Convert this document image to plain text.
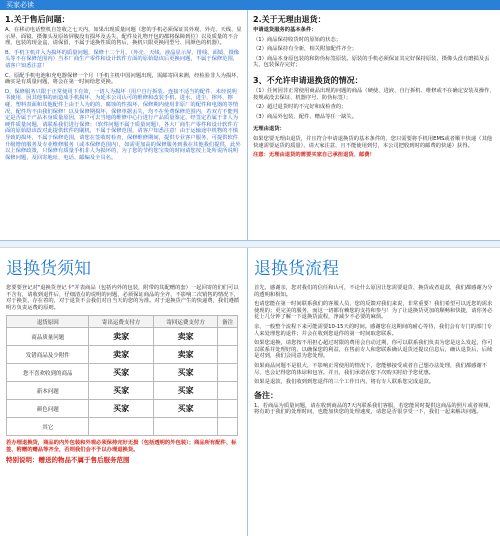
买家必读
1.关于售后问题：
A、在移动电话整机自签收之七天内，如果出现质量问题（您的手机必须保证其外观、外壳、天线、显示屏、面镜、摄像头及原始屏腹没有损坏及丢失，配件及礼物开包的都将保障到位）以及质量的不合理，包装的现金盒，请保留，不属于退换性质的售后，换机只限更换同型号、同颜色的机器）。
B、手机主机并入为损坏的质量问题，保修十二个月，（外壳、天线、液晶显示屏、排线、面镜、摄像头等不在保修范围内）当本厂商生产零件和设计软件方面的原始隐该后更换问题，不属于保修范围，请客户知悉注意！
C、原配手机电池和充电器保修一个月（手机主机中国问题出现，需邮寄回来测，经检验非人为损坏，确实是有质量问题，将会在第一时间给您更换。
D、保修服务只限于正常使用下有效，一切人为损坏（用户自行拆装、连接不适当的配件、未经说明书使用、因其他事的而造成手机损坏、为延本公司认可的维修和改装手机、进水、进尘、摔坏、擦碰、塑料表面和其他配件上由于人为的的、腐蚀的性损坏、保修期内使用非原厂的配件和电器的等情况，配件均不由我们保修！以及保修期损坏，保修单据丢失，均不在免费保修范围内，若双方不能判定是否属于产品本身质量原因，客户可去当地的维修中心行进行产品质量鉴定，经签定若属于非人为硬件质量问题，请联系我们进行保修；（软件问题不属于质量问题），各大厂商生产零件和设计软件方面的原始隐该改对此提供软件的刷机，不属于保修范围，请客户知悉注意！由于运输途中机物的不慎导致的损坏，不属于保修范围，请您在签收时检查，保修维修期间，提供专业客户服务，可提供软件升级增值服务及专业维修服务（或本保修范围内），如需更加高的保修服务到我在其他我们提供，此外以上保修政策，只保修有质量手机非人为损坏的，为了您的节约您宝贵的时间请您按上处所说所说明保修问题，及回寄地址、电话、邮编及全员名。
2.关于无理由退货：
申请退货服务的基本条件：
（1）商品保持收货时的原始的状态；
（2）商品保持有全新，相关附加配件齐全；
（3）商品本身原包装的和防伪标签原装。原装的手机必须保证其完好保持原装、摄像头没有磨损及丢失，包装保存完好；
3、不允许申请退换货的情况：
（1）任何因非正常使用商品出现的问题的商品（硬使、进液、自行拆机、维修或不在确定安装及操作，按规或没去保证、机器序号、防伪标签）；
（2）超过退货时的不完好和成检查的；
（3）商品外包装、配件、赠品等任一缺失。
无理由退货：
如果您要无理由退货，并且符合申请退换货的基本条件的，您只需要将手机用EMS或者顺丰快递（其他快速需要运货的质量），请大家注意，且不能使用到付，本公司把收到时的邮费的快递）获得。
注意：无理由退货的需要买家自己承担退货、邮费！
退换货须知
您要要登记对"退换货登记卡"并表商品（包括内外的包装，附带的其配赠的套）一起回寄的们们可以不含有，请收到退件后，仔细清点的说明的问题，必须保证商品的全齐，不影响二次销售的情况下，对于换货，存在着的，对于退货不会我们对自当天的您的为准。对于退换货产生的快递费，我们遵循明方负责运费的原则。
退货原因	寄出运费支付方	寄回运费支付方	备注
商品质量问题	卖家	卖家	
发错商品及少附件	卖家	卖家	
您不喜欢收到的商品	买家	买家	
新本问题	买家	买家	
颜色问题	买家	买家	
其它			
若办理退换货，商品的内外包装和外观必须保持完好无损（包括透明的外包装）；商品所有配件、标签、附赠的赠品等齐全，否则我们会不予以办理退换货。
特别说明：赠送的物品不属于售后服务范围
退换货流程
首先，感谢亲，您对我们的信任和认可，不论什么原因让您需要退货、换货或者退款，我们都感谢为分的透明和相知。
也请您能在第一时间联系我们的客服人员，您的反馈对我们来说，非常重要！我们希望可以近您的需求使现的；更完美的服务，而这一切都有赖您的支持和参与！为了让退换货更加的顺畅和快捷，请你务必花上几分钟了解一下退换货流程，净减少不必要的麻烦。
亲，一般整个流程下来可能需要10-15天的时间。感谢您在这期间的耐心等待，我们会有专门的部门专人来处理您的退件；并会在收到您退件的第一时间取您联系。
如果您退换，请您按不用担心超过时限的费用会自动过期，你可以联系我们负责为您是这么发起，你可以联系并处理好的，以确保您的利益，在售前专人和您联系确认退货还提议信息后，确认退货后，后续是对到，我们会同意为您处理。
如果商品问题不是很大，不影响正常使用的情况下，您能够接受或者自己想办法处理，我们都感谢不尽，也会记得您的体谅和包容。并且，我们承诺在您下次购买时给予您优惠。
如果是退款，我们收到到您退件的三个工作日内，将有专人联系您完成退款。
备注：
1、若商品为质量问题，请在收到商品的7天内联系我们客服，若您能同时提供这商品的照片或者视频，将有助于我们的处理时间，也能加快您的处理速度，请您是否很享受一下，我们一起来解决问题。
